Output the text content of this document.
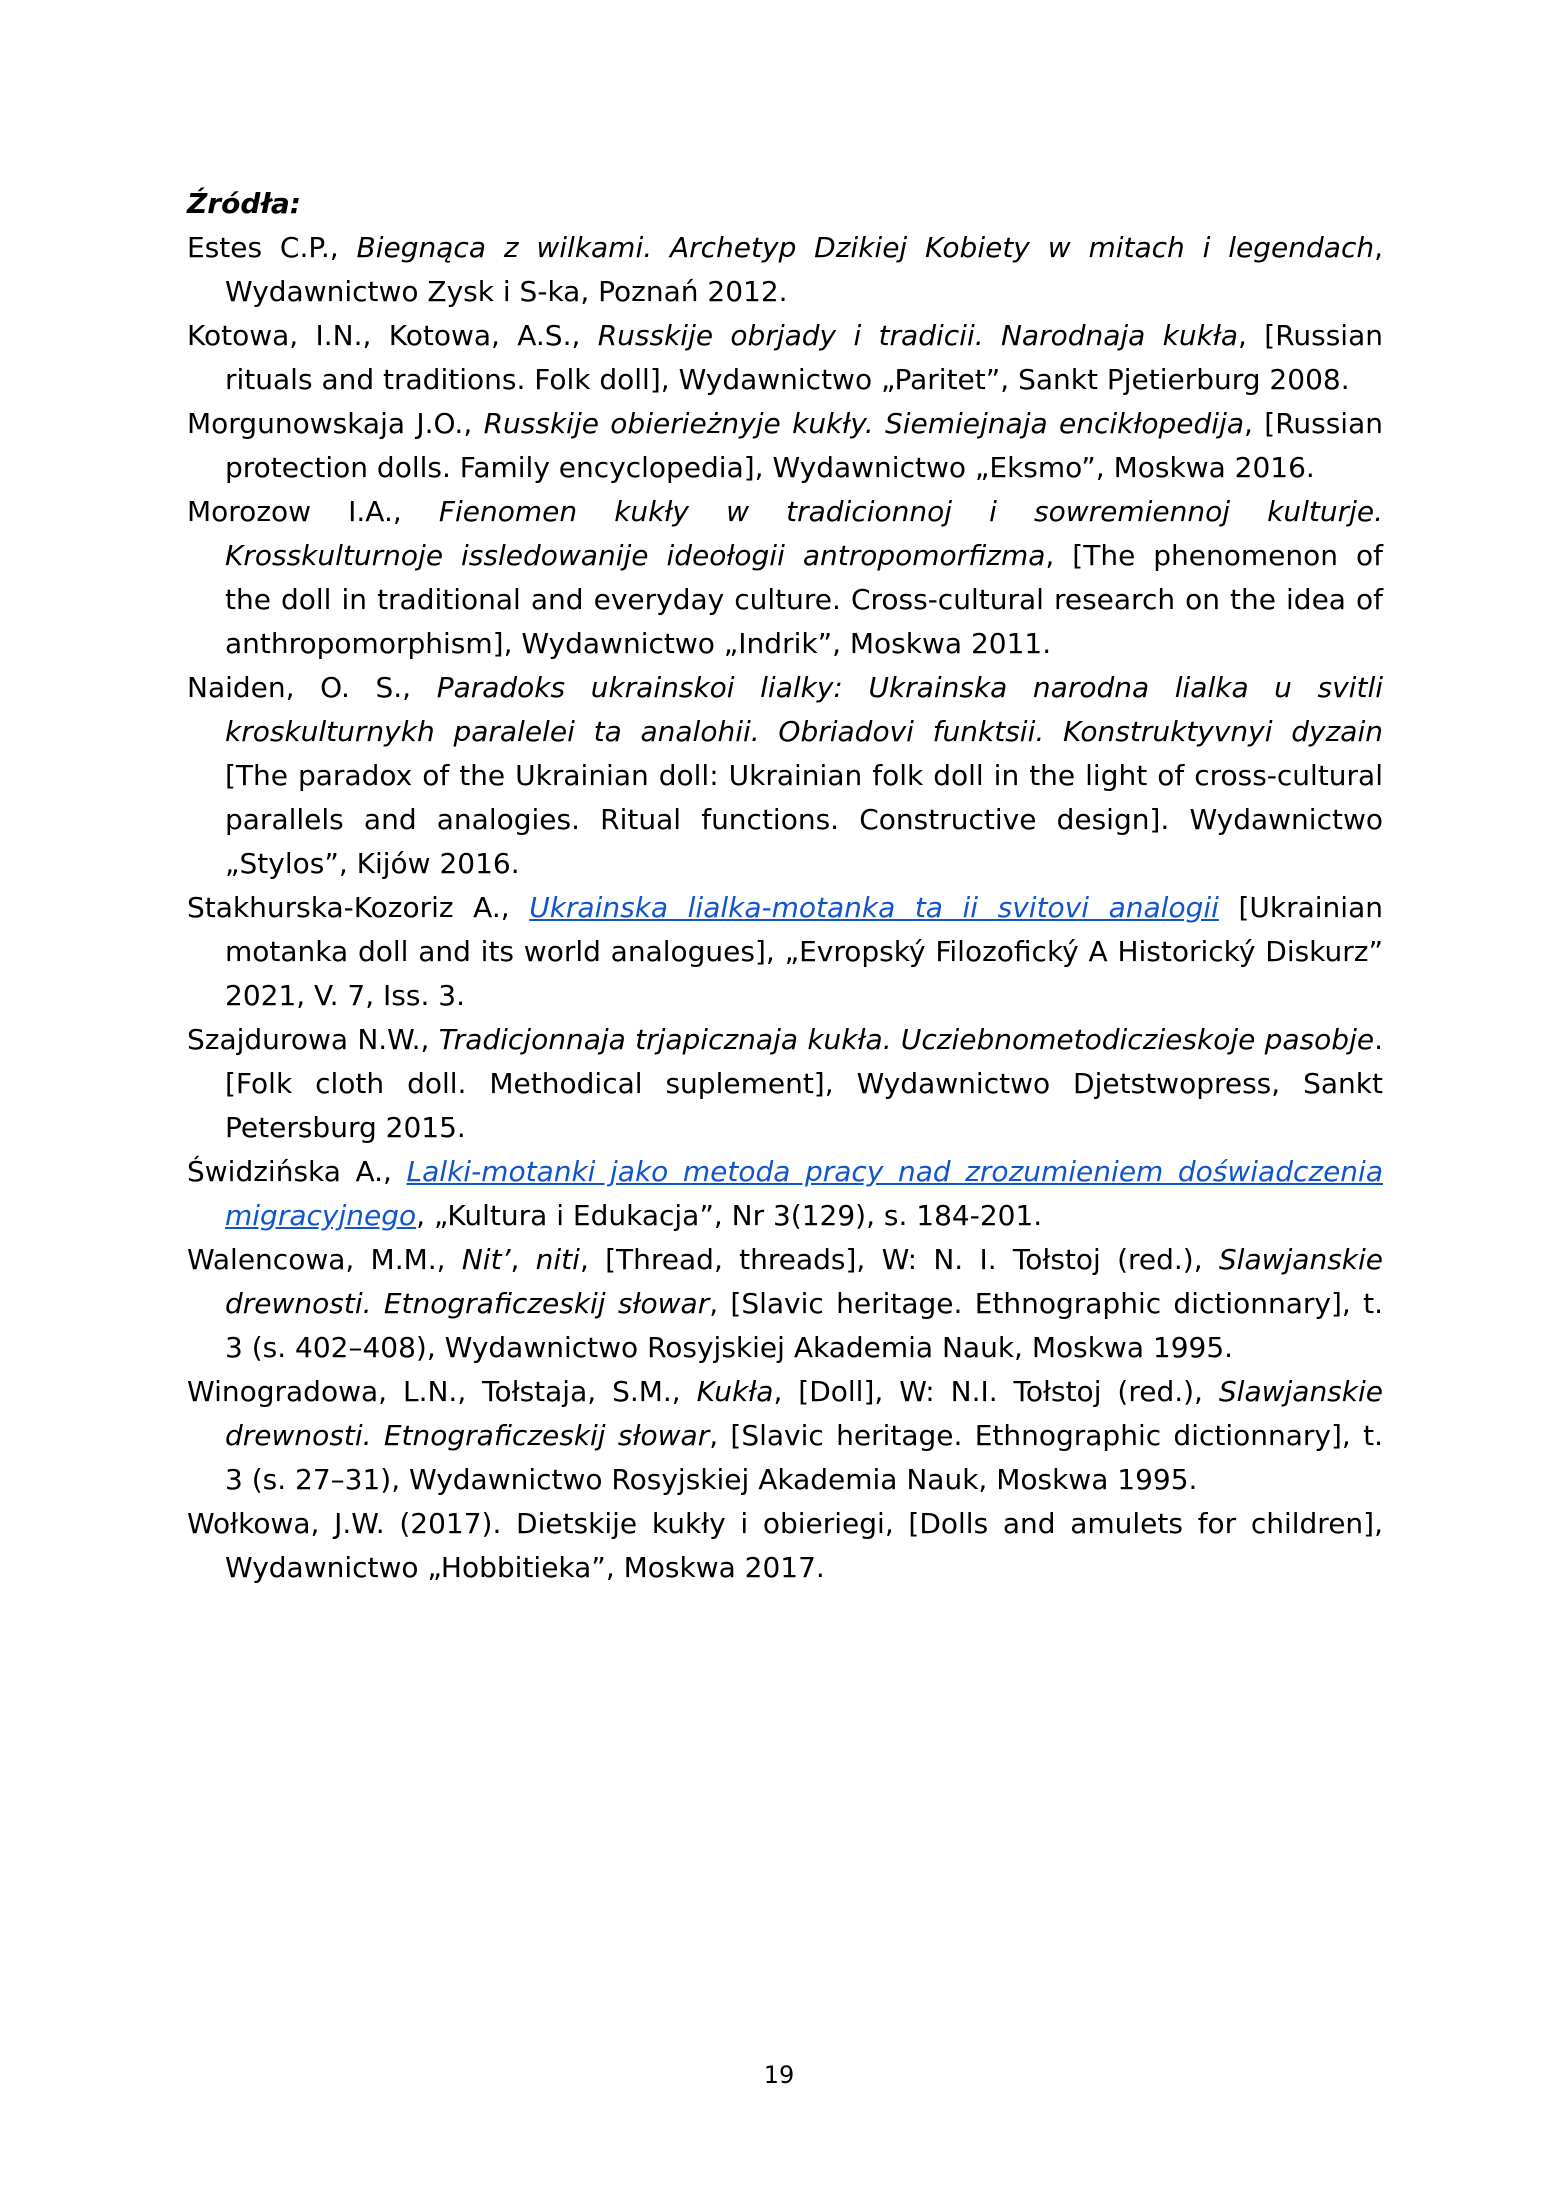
Źródła:

Estes C.P., Biegnąca z wilkami. Archetyp Dzikiej Kobiety w mitach i legendach, Wydawnictwo Zysk i S-ka, Poznań 2012.

Kotowa, I.N., Kotowa, A.S., Russkije obrjady i tradicii. Narodnaja kukła, [Russian rituals and traditions. Folk doll], Wydawnictwo „Paritet”, Sankt Pjetierburg 2008.

Morgunowskaja J.O., Russkije obierieżnyje kukły. Siemiejnaja encikłopedija, [Russian protection dolls. Family encyclopedia], Wydawnictwo „Eksmo”, Moskwa 2016.

Morozow I.A., Fienomen kukły w tradicionnoj i sowremiennoj kulturje. Krosskulturnoje issledowanije ideołogii antropomorfizma, [The phenomenon of the doll in traditional and everyday culture. Cross-cultural research on the idea of anthropomorphism], Wydawnictwo „Indrik”, Moskwa 2011.

Naiden, O. S., Paradoks ukrainskoi lialky: Ukrainska narodna lialka u svitli kroskulturnykh paralelei ta analohii. Obriadovi funktsii. Konstruktyvnyi dyzain [The paradox of the Ukrainian doll: Ukrainian folk doll in the light of cross-cultural parallels and analogies. Ritual functions. Constructive design]. Wydawnictwo „Stylos”, Kijów 2016.

Stakhurska-Kozoriz A., Ukrainska lialka-motanka ta ii svitovi analogii [Ukrainian motanka doll and its world analogues], „Evropský Filozofický A Historický Diskurz” 2021, V. 7, Iss. 3.

Szajdurowa N.W., Tradicjonnaja trjapicznaja kukła. Ucziebnometodiczieskoje pasobje. [Folk cloth doll. Methodical suplement], Wydawnictwo Djetstwopress, Sankt Petersburg 2015.

Świdzińska A., Lalki-motanki jako metoda pracy nad zrozumieniem doświadczenia migracyjnego, „Kultura i Edukacja”, Nr 3(129), s. 184-201.

Walencowa, M.M., Nit’, niti, [Thread, threads], W: N. I. Tołstoj (red.), Slawjanskie drewnosti. Etnograficzeskij słowar, [Slavic heritage. Ethnographic dictionnary], t. 3 (s. 402–408), Wydawnictwo Rosyjskiej Akademia Nauk, Moskwa 1995.

Winogradowa, L.N., Tołstaja, S.M., Kukła, [Doll], W: N.I. Tołstoj (red.), Slawjanskie drewnosti. Etnograficzeskij słowar, [Slavic heritage. Ethnographic dictionnary], t. 3 (s. 27–31), Wydawnictwo Rosyjskiej Akademia Nauk, Moskwa 1995.

Wołkowa, J.W. (2017). Dietskije kukły i obieriegi, [Dolls and amulets for children], Wydawnictwo „Hobbitieka”, Moskwa 2017.

19
